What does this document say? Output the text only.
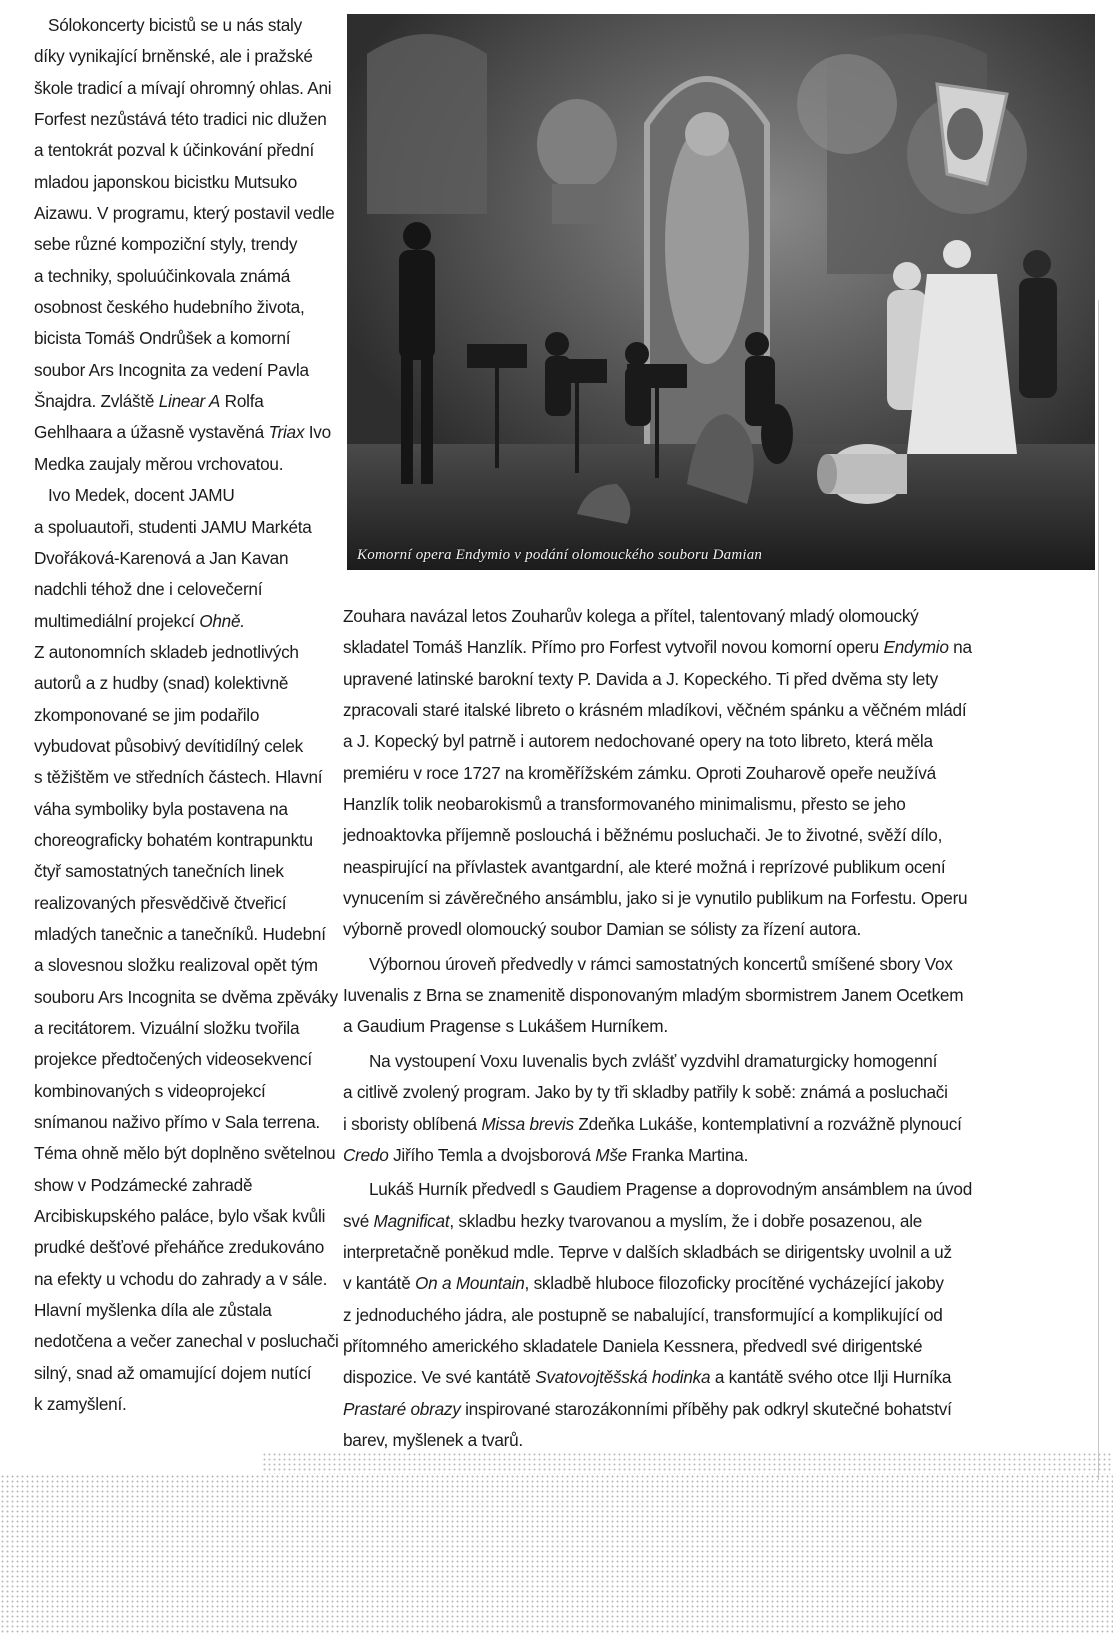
Sólokoncerty bicistů se u nás staly
díky vynikající brněnské, ale i pražské
škole tradicí a mívají ohromný ohlas. Ani
Forfest nezůstává této tradici nic dlužen
a tentokrát pozval k účinkování přední
mladou japonskou bicistku Mutsuko
Aizawu. V programu, který postavil vedle
sebe různé kompoziční styly, trendy
a techniky, spoluúčinkovala známá
osobnost českého hudebního života,
bicista Tomáš Ondrůšek a komorní
soubor Ars Incognita za vedení Pavla
Šnajdra. Zvláště Linear A Rolfa
Gehlhaara a úžasně vystavěná Triax Ivo
Medka zaujaly měrou vrchovatou.
Ivo Medek, docent JAMU
a spoluautoři, studenti JAMU Markéta
Dvořáková-Karenová a Jan Kavan
nadchli téhož dne i celovečerní
multimediální projekcí Ohně.
Z autonomních skladeb jednotlivých
autorů a z hudby (snad) kolektivně
zkomponované se jim podařilo
vybudovat působivý devítidílný celek
s těžištěm ve středních částech. Hlavní
váha symboliky byla postavena na
choreograficky bohatém kontrapunktu
čtyř samostatných tanečních linek
realizovaných přesvědčivě čtveřicí
mladých tanečnic a tanečníků. Hudební
a slovesnou složku realizoval opět tým
souboru Ars Incognita se dvěma zpěváky
a recitátorem. Vizuální složku tvořila
projekce předtočených videosekvencí
kombinovaných s videoprojekcí
snímanou naživo přímo v Sala terrena.
Téma ohně mělo být doplněno světelnou
show v Podzámecké zahradě
Arcibiskupského paláce, bylo však kvůli
prudké dešťové přeháňce zredukováno
na efekty u vchodu do zahrady a v sále.
Hlavní myšlenka díla ale zůstala
nedotčena a večer zanechal v posluchači
silný, snad až omamující dojem nutící
k zamyšlení.
Komorní opera Endymio v podání olomouckého souboru Damian
Zouhara navázal letos Zouharův kolega a přítel, talentovaný mladý olomoucký
skladatel Tomáš Hanzlík. Přímo pro Forfest vytvořil novou komorní operu Endymio na
upravené latinské barokní texty P. Davida a J. Kopeckého. Ti před dvěma sty lety
zpracovali staré italské libreto o krásném mladíkovi, věčném spánku a věčném mládí
a J. Kopecký byl patrně i autorem nedochované opery na toto libreto, která měla
premiéru v roce 1727 na kroměřížském zámku. Oproti Zouharově opeře neužívá
Hanzlík tolik neobarokismů a transformovaného minimalismu, přesto se jeho
jednoaktovka příjemně poslouchá i běžnému posluchači. Je to životné, svěží dílo,
neaspirující na přívlastek avantgardní, ale které možná i reprízové publikum ocení
vynucením si závěrečného ansámblu, jako si je vynutilo publikum na Forfestu. Operu
výborně provedl olomoucký soubor Damian se sólisty za řízení autora.
Výbornou úroveň předvedly v rámci samostatných koncertů smíšené sbory Vox
Iuvenalis z Brna se znamenitě disponovaným mladým sbormistrem Janem Ocetkem
a Gaudium Pragense s Lukášem Hurníkem.
Na vystoupení Voxu Iuvenalis bych zvlášť vyzdvihl dramaturgicky homogenní
a citlivě zvolený program. Jako by ty tři skladby patřily k sobě: známá a posluchači
i sboristy oblíbená Missa brevis Zdeňka Lukáše, kontemplativní a rozvážně plynoucí
Credo Jiřího Temla a dvojsborová Mše Franka Martina.
Lukáš Hurník předvedl s Gaudiem Pragense a doprovodným ansámblem na úvod
své Magnificat, skladbu hezky tvarovanou a myslím, že i dobře posazenou, ale
interpretačně poněkud mdle. Teprve v dalších skladbách se dirigentsky uvolnil a už
v kantátě On a Mountain, skladbě hluboce filozoficky procítěné vycházející jakoby
z jednoduchého jádra, ale postupně se nabalující, transformující a komplikující od
přítomného amerického skladatele Daniela Kessnera, předvedl své dirigentské
dispozice. Ve své kantátě Svatovojtěšská hodinka a kantátě svého otce Ilji Hurníka
Prastaré obrazy inspirované starozákonními příběhy pak odkryl skutečné bohatství
barev, myšlenek a tvarů.
